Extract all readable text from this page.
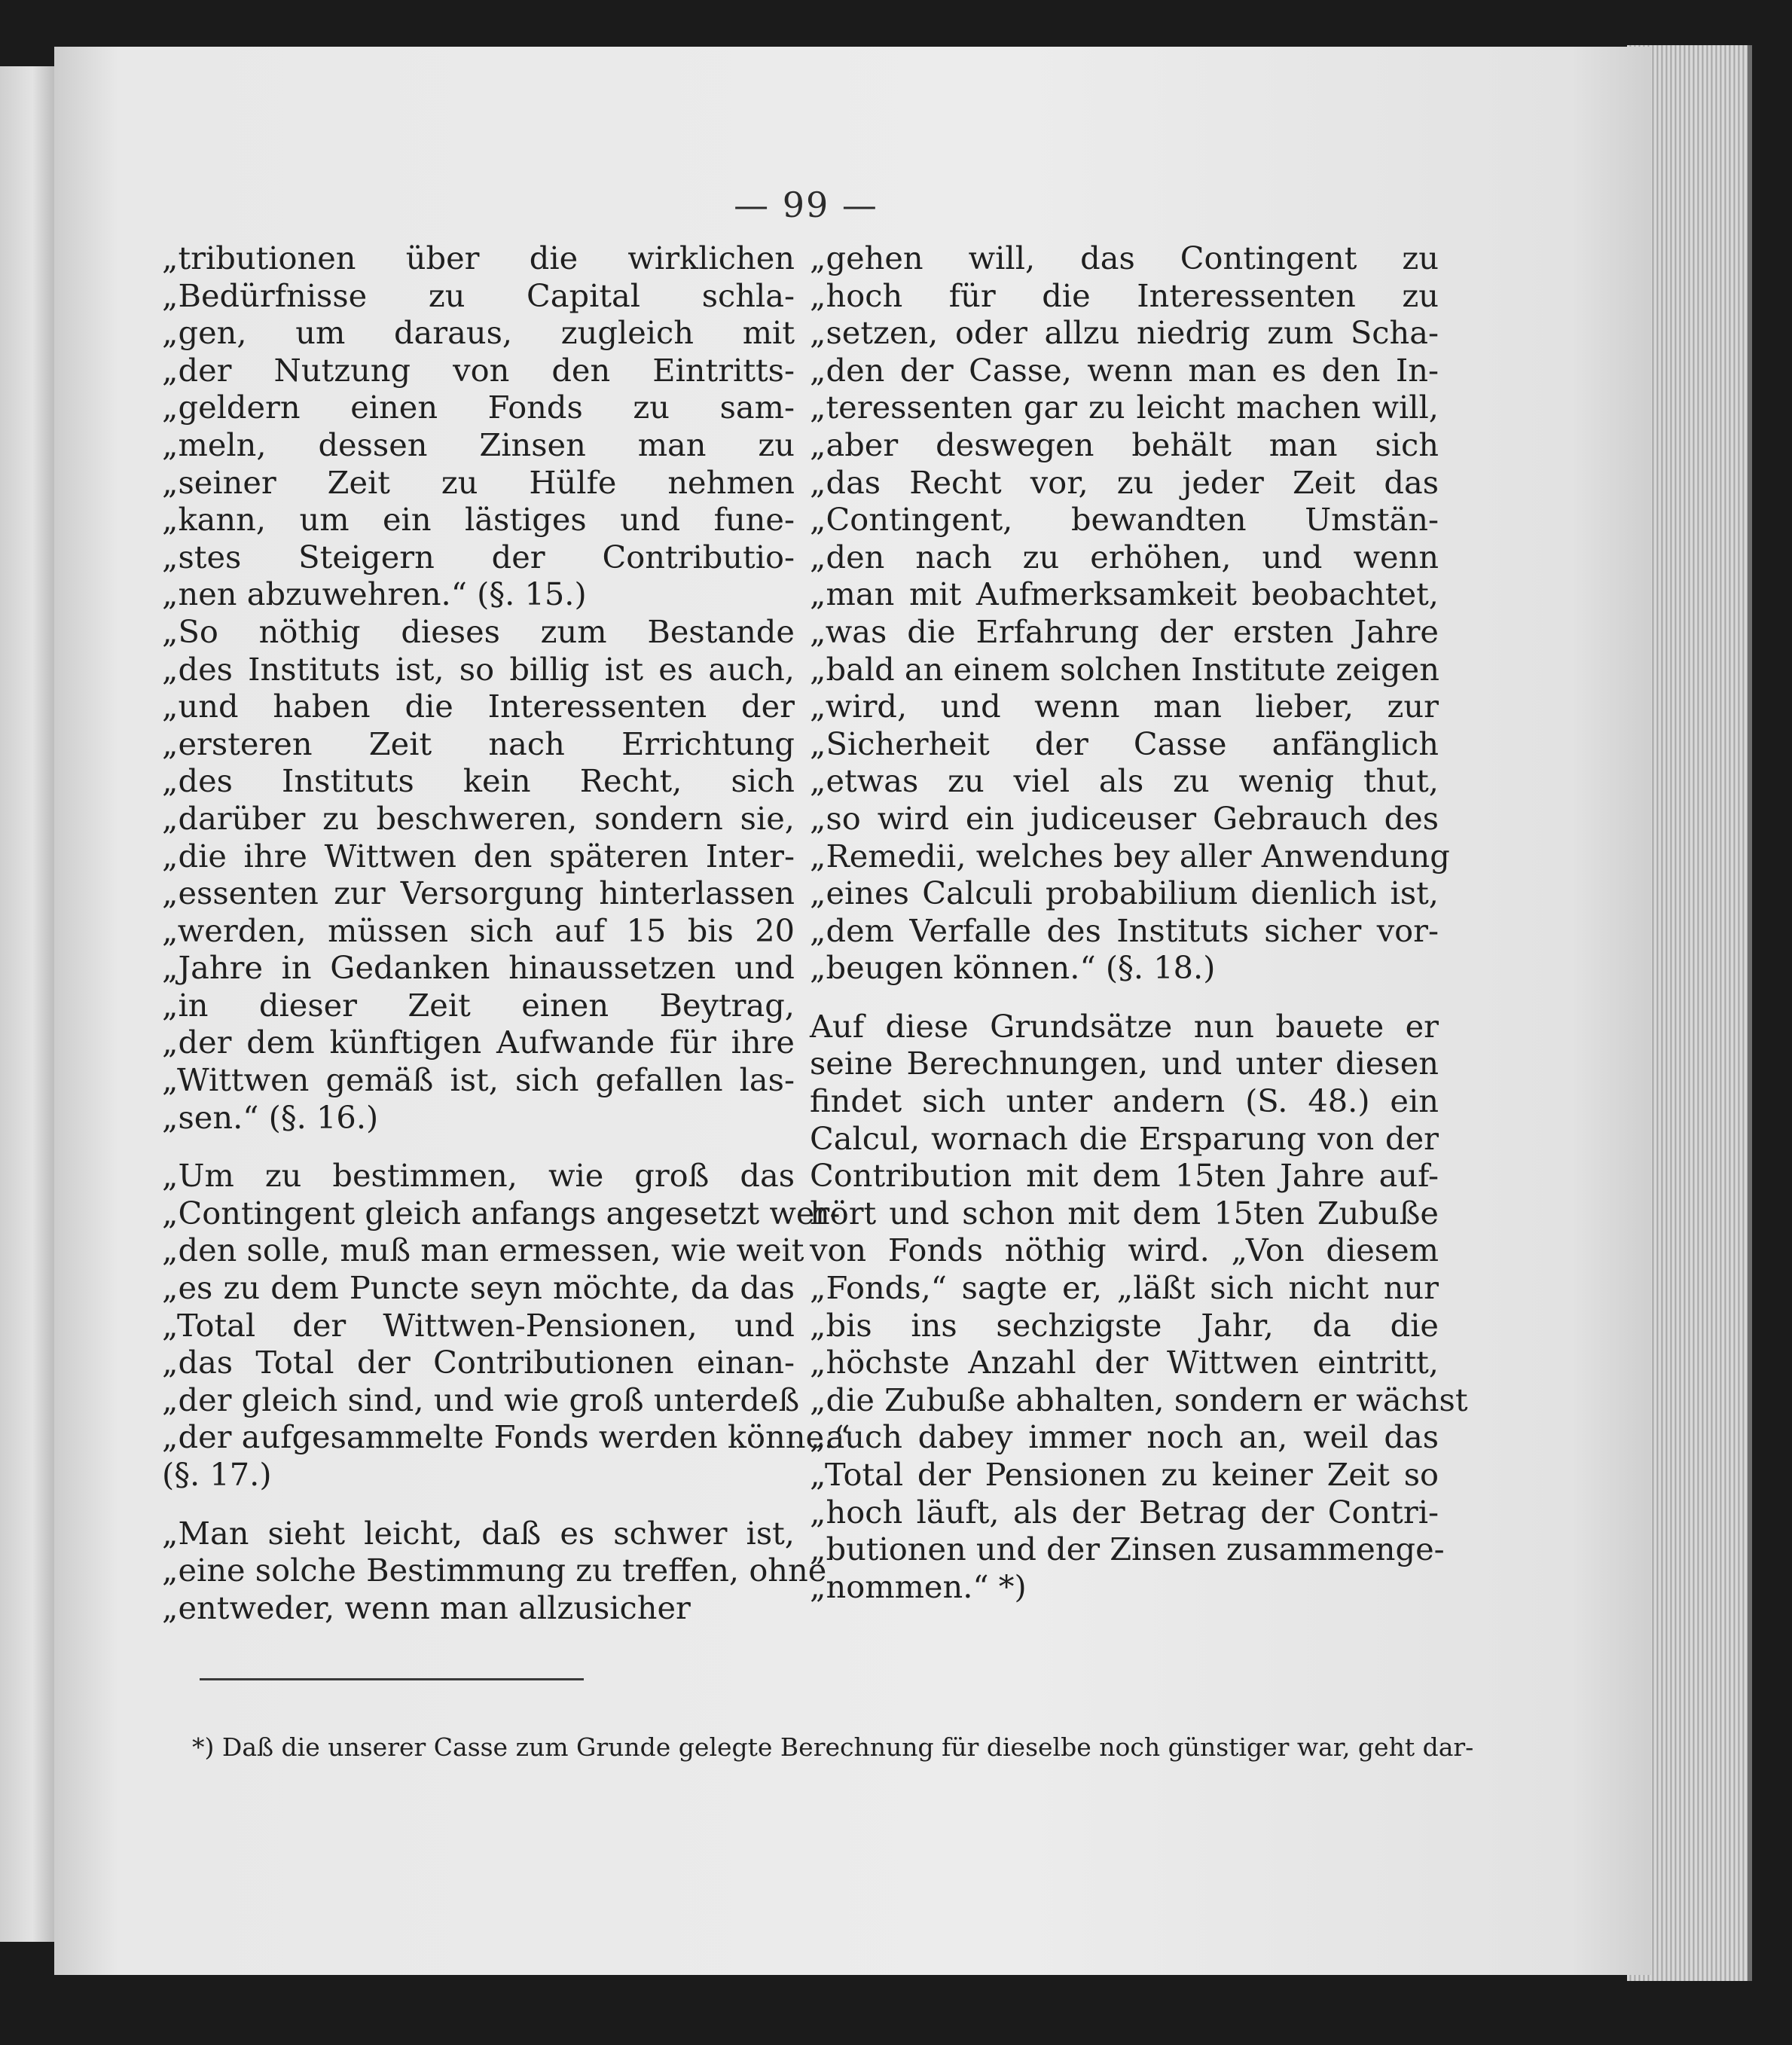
— 99 —
„tributionen über die wirklichen
„Bedürfnisse zu Capital schla-
„gen, um daraus, zugleich mit
„der Nutzung von den Eintritts-
„geldern einen Fonds zu sam-
„meln, dessen Zinsen man zu
„seiner Zeit zu Hülfe nehmen
„kann, um ein lästiges und fune-
„stes Steigern der Contributio-
„nen abzuwehren.“ (§. 15.)
„So nöthig dieses zum Bestande
„des Instituts ist, so billig ist es auch,
„und haben die Interessenten der
„ersteren Zeit nach Errichtung
„des Instituts kein Recht, sich
„darüber zu beschweren, sondern sie,
„die ihre Wittwen den späteren Inter-
„essenten zur Versorgung hinterlassen
„werden, müssen sich auf 15 bis 20
„Jahre in Gedanken hinaussetzen und
„in dieser Zeit einen Beytrag,
„der dem künftigen Aufwande für ihre
„Wittwen gemäß ist, sich gefallen las-
„sen.“ (§. 16.)
„Um zu bestimmen, wie groß das
„Contingent gleich anfangs angesetzt wer-
„den solle, muß man ermessen, wie weit
„es zu dem Puncte seyn möchte, da das
„Total der Wittwen-Pensionen, und
„das Total der Contributionen einan-
„der gleich sind, und wie groß unterdeß
„der aufgesammelte Fonds werden könne.“
(§. 17.)
„Man sieht leicht, daß es schwer ist,
„eine solche Bestimmung zu treffen, ohne
„entweder, wenn man allzusicher
„gehen will, das Contingent zu
„hoch für die Interessenten zu
„setzen, oder allzu niedrig zum Scha-
„den der Casse, wenn man es den In-
„teressenten gar zu leicht machen will,
„aber deswegen behält man sich
„das Recht vor, zu jeder Zeit das
„Contingent, bewandten Umstän-
„den nach zu erhöhen, und wenn
„man mit Aufmerksamkeit beobachtet,
„was die Erfahrung der ersten Jahre
„bald an einem solchen Institute zeigen
„wird, und wenn man lieber, zur
„Sicherheit der Casse anfänglich
„etwas zu viel als zu wenig thut,
„so wird ein judiceuser Gebrauch des
„Remedii, welches bey aller Anwendung
„eines Calculi probabilium dienlich ist,
„dem Verfalle des Instituts sicher vor-
„beugen können.“ (§. 18.)
Auf diese Grundsätze nun bauete er
seine Berechnungen, und unter diesen
findet sich unter andern (S. 48.) ein
Calcul, wornach die Ersparung von der
Contribution mit dem 15ten Jahre auf-
hört und schon mit dem 15ten Zubuße
von Fonds nöthig wird. „Von diesem
„Fonds,“ sagte er, „läßt sich nicht nur
„bis ins sechzigste Jahr, da die
„höchste Anzahl der Wittwen eintritt,
„die Zubuße abhalten, sondern er wächst
„auch dabey immer noch an, weil das
„Total der Pensionen zu keiner Zeit so
„hoch läuft, als der Betrag der Contri-
„butionen und der Zinsen zusammenge-
„nommen.“ *)
*) Daß die unserer Casse zum Grunde gelegte Berechnung für dieselbe noch günstiger war, geht dar-
